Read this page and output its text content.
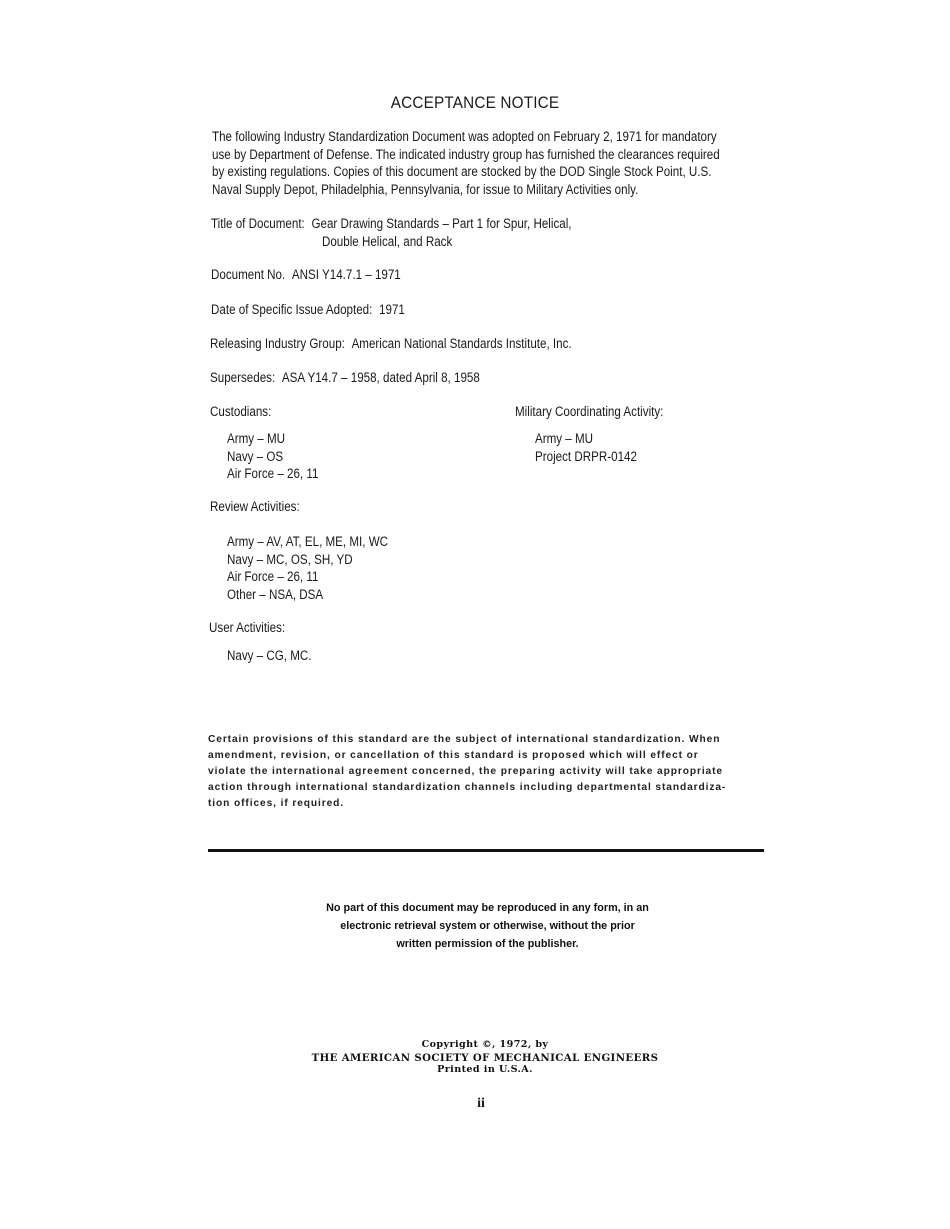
ACCEPTANCE NOTICE
The following Industry Standardization Document was adopted on February 2, 1971 for mandatory
use by Department of Defense. The indicated industry group has furnished the clearances required
by existing regulations. Copies of this document are stocked by the DOD Single Stock Point, U.S.
Naval Supply Depot, Philadelphia, Pennsylvania, for issue to Military Activities only.
Title of Document: Gear Drawing Standards – Part 1 for Spur, Helical,
Double Helical, and Rack
Document No. ANSI Y14.7.1 – 1971
Date of Specific Issue Adopted: 1971
Releasing Industry Group: American National Standards Institute, Inc.
Supersedes: ASA Y14.7 – 1958, dated April 8, 1958
Custodians:
Army – MU
Navy – OS
Air Force – 26, 11
Military Coordinating Activity:
Army – MU
Project DRPR-0142
Review Activities:
Army – AV, AT, EL, ME, MI, WC
Navy – MC, OS, SH, YD
Air Force – 26, 11
Other – NSA, DSA
User Activities:
Navy – CG, MC.
Certain provisions of this standard are the subject of international standardization. When
amendment, revision, or cancellation of this standard is proposed which will effect or
violate the international agreement concerned, the preparing activity will take appropriate
action through international standardization channels including departmental standardiza-
tion offices, if required.
No part of this document may be reproduced in any form, in an
electronic retrieval system or otherwise, without the prior
written permission of the publisher.
Copyright ©, 1972, by
THE AMERICAN SOCIETY OF MECHANICAL ENGINEERS
Printed in U.S.A.
ii
